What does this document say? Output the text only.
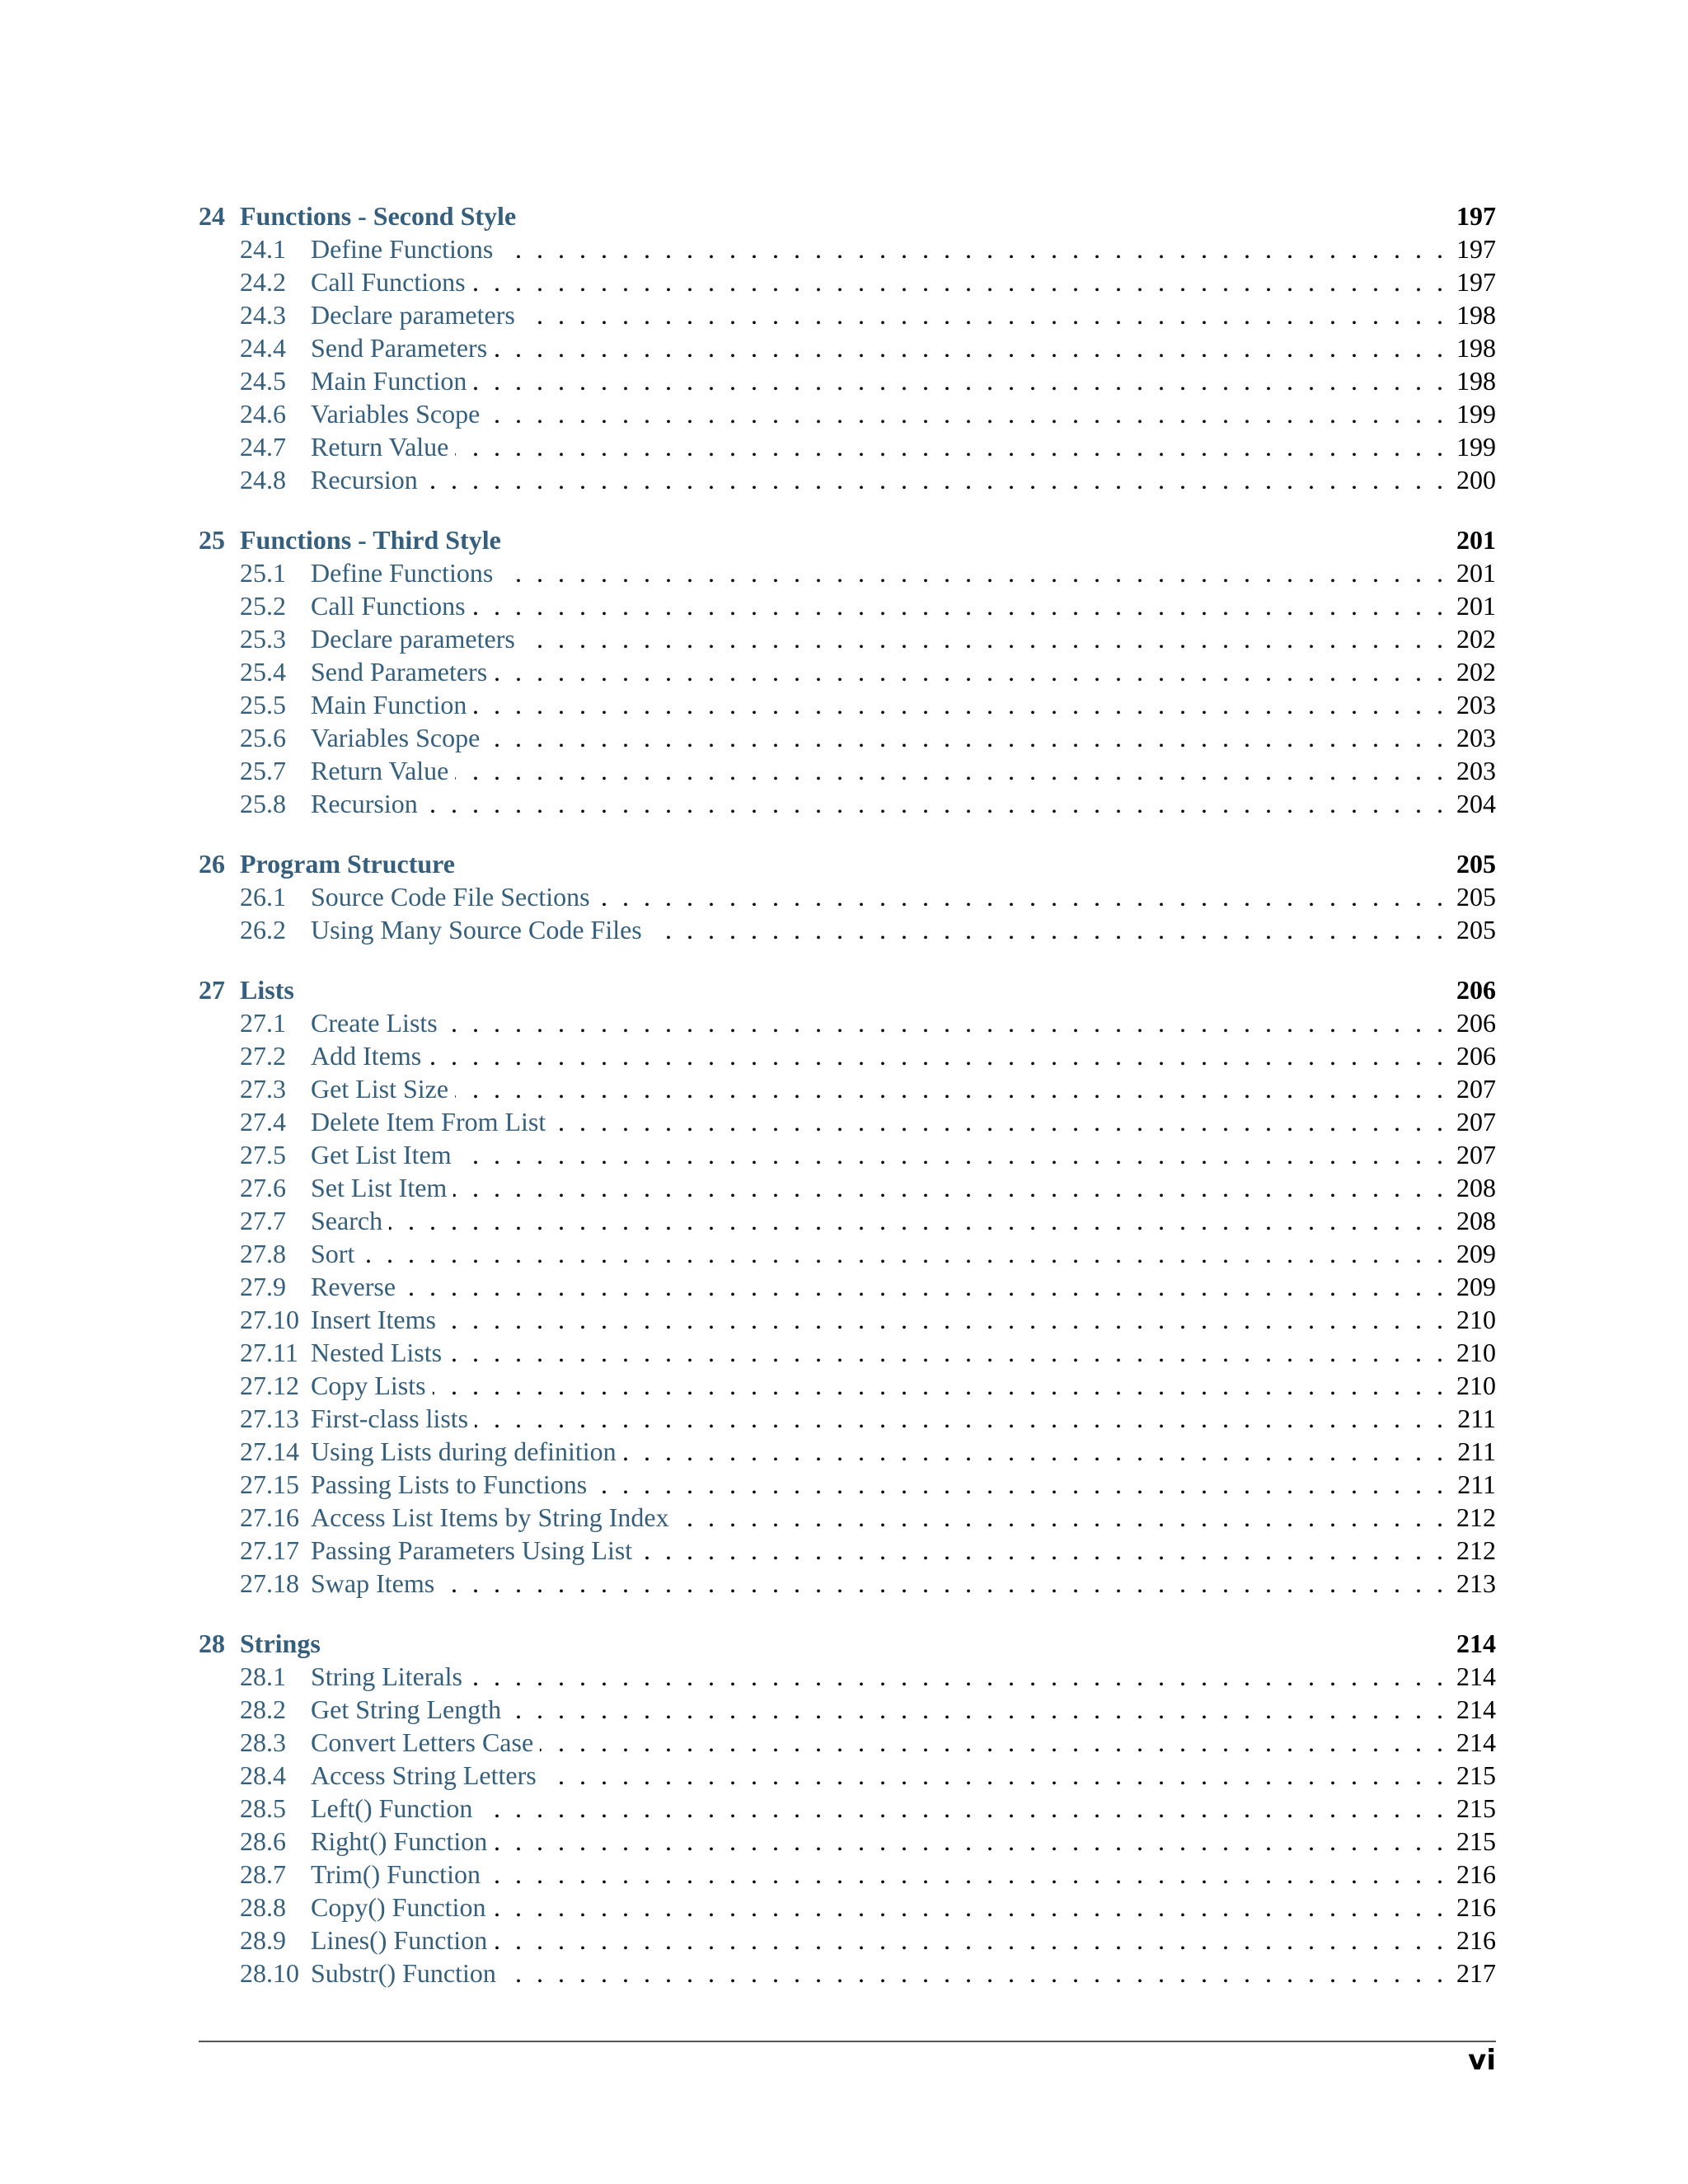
24 Functions - Second Style	197
24.1 Define Functions . . .	197
24.2 Call Functions . . .	197
24.3 Declare parameters . . .	198
24.4 Send Parameters . . .	198
24.5 Main Function . . .	198
24.6 Variables Scope . . .	199
24.7 Return Value . . .	199
24.8 Recursion . . .	200
25 Functions - Third Style	201
25.1 Define Functions . . .	201
25.2 Call Functions . . .	201
25.3 Declare parameters . . .	202
25.4 Send Parameters . . .	202
25.5 Main Function . . .	203
25.6 Variables Scope . . .	203
25.7 Return Value . . .	203
25.8 Recursion . . .	204
26 Program Structure	205
26.1 Source Code File Sections . . .	205
26.2 Using Many Source Code Files . . .	205
27 Lists	206
27.1 Create Lists . . .	206
27.2 Add Items . . .	206
27.3 Get List Size . . .	207
27.4 Delete Item From List . . .	207
27.5 Get List Item . . .	207
27.6 Set List Item . . .	208
27.7 Search . . .	208
27.8 Sort . . .	209
27.9 Reverse . . .	209
27.10 Insert Items . . .	210
27.11 Nested Lists . . .	210
27.12 Copy Lists . . .	210
27.13 First-class lists . . .	211
27.14 Using Lists during definition . . .	211
27.15 Passing Lists to Functions . . .	211
27.16 Access List Items by String Index . . .	212
27.17 Passing Parameters Using List . . .	212
27.18 Swap Items . . .	213
28 Strings	214
28.1 String Literals . . .	214
28.2 Get String Length . . .	214
28.3 Convert Letters Case . . .	214
28.4 Access String Letters . . .	215
28.5 Left() Function . . .	215
28.6 Right() Function . . .	215
28.7 Trim() Function . . .	216
28.8 Copy() Function . . .	216
28.9 Lines() Function . . .	216
28.10 Substr() Function . . .	217
vi
